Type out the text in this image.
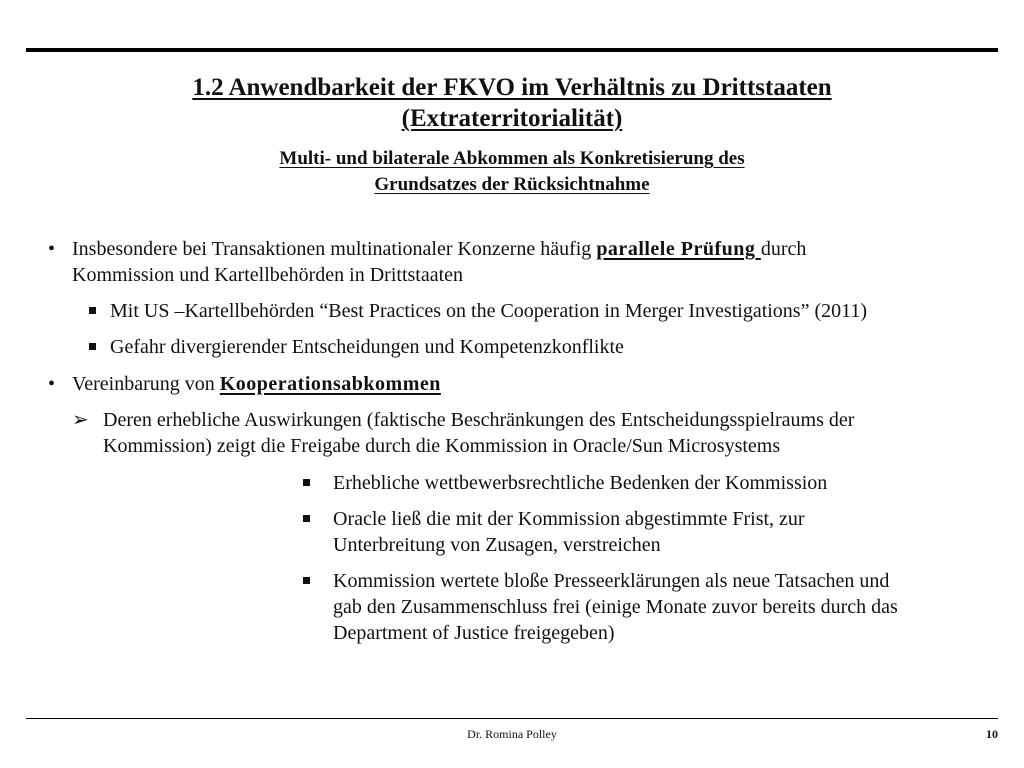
1.2 Anwendbarkeit der FKVO im Verhältnis zu Drittstaaten
(Extraterritorialität)
Multi- und bilaterale Abkommen als Konkretisierung des
Grundsatzes der Rücksichtnahme
• Insbesondere bei Transaktionen multinationaler Konzerne häufig parallele Prüfung durch
Kommission und Kartellbehörden in Drittstaaten
Mit US –Kartellbehörden “Best Practices on the Cooperation in Merger Investigations” (2011)
Gefahr divergierender Entscheidungen und Kompetenzkonflikte
• Vereinbarung von Kooperationsabkommen
➢ Deren erhebliche Auswirkungen (faktische Beschränkungen des Entscheidungsspielraums der
Kommission) zeigt die Freigabe durch die Kommission in Oracle/Sun Microsystems
Erhebliche wettbewerbsrechtliche Bedenken der Kommission
Oracle ließ die mit der Kommission abgestimmte Frist, zur
Unterbreitung von Zusagen, verstreichen
Kommission wertete bloße Presseerklärungen als neue Tatsachen und
gab den Zusammenschluss frei (einige Monate zuvor bereits durch das
Department of Justice freigegeben)
Dr. Romina Polley	10
